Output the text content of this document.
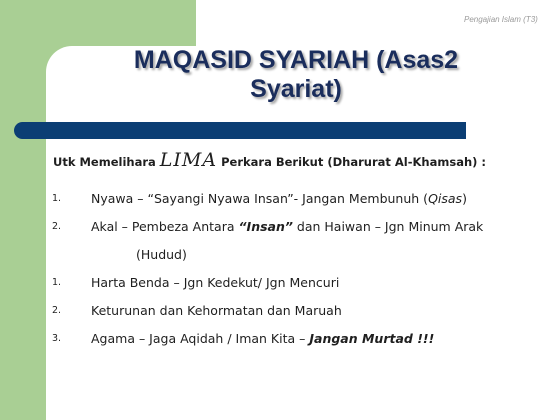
Pengajian Islam (T3)
MAQASID SYARIAH (Asas2
Syariat)
Utk Memelihara LIMA Perkara Berikut (Dharurat Al-Khamsah) :
1. Nyawa – “Sayangi Nyawa Insan”- Jangan Membunuh (Qisas)
2. Akal – Pembeza Antara “Insan” dan Haiwan – Jgn Minum Arak
(Hudud)
1. Harta Benda – Jgn Kedekut/ Jgn Mencuri
2. Keturunan dan Kehormatan dan Maruah
3. Agama – Jaga Aqidah / Iman Kita – Jangan Murtad !!!
